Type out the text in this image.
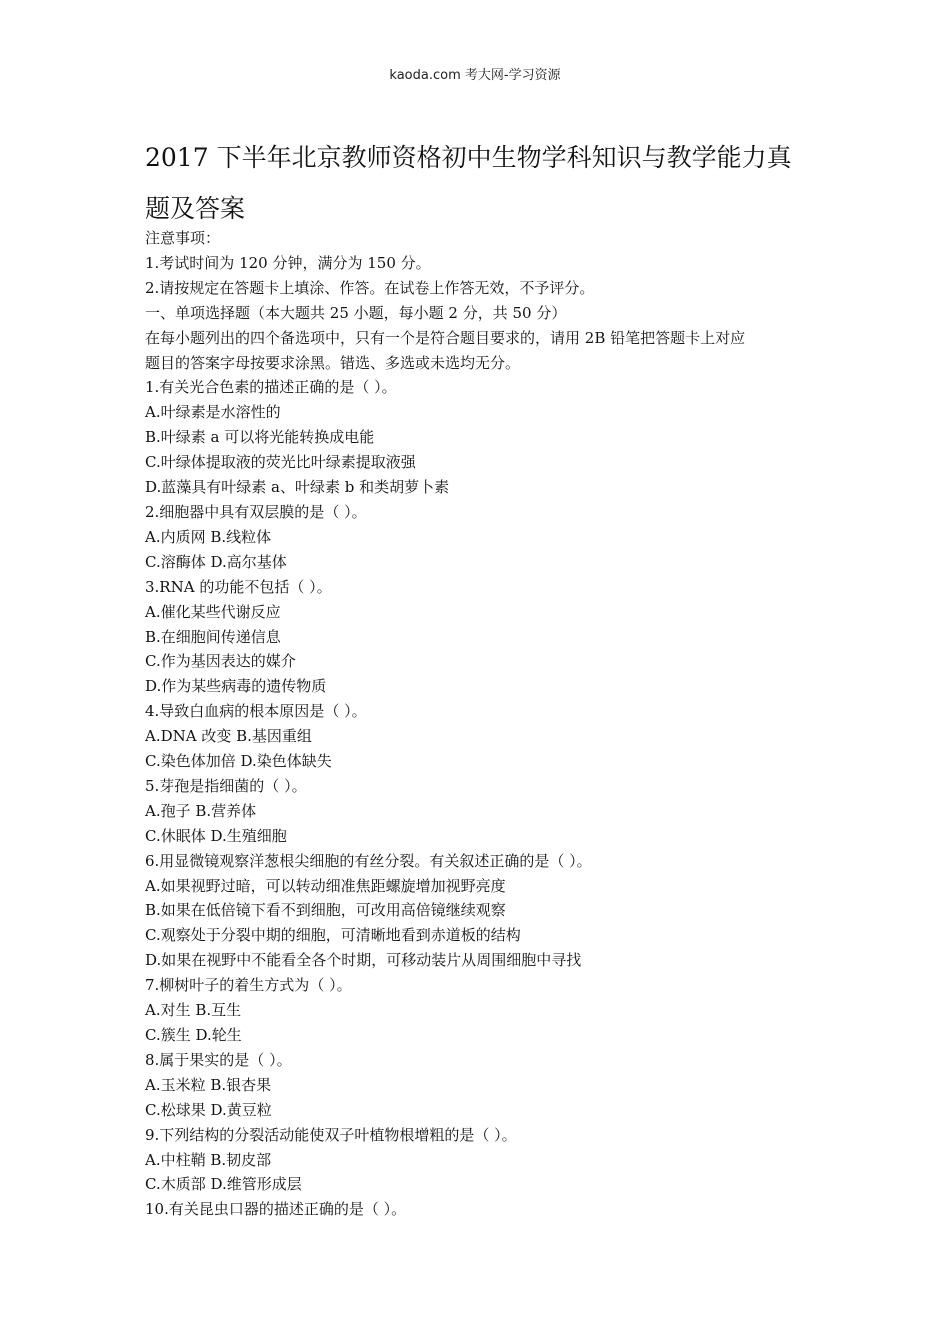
kaoda.com 考大网-学习资源
2017 下半年北京教师资格初中生物学科知识与教学能力真
题及答案
注意事项：
1.考试时间为 120 分钟，满分为 150 分。
2.请按规定在答题卡上填涂、作答。在试卷上作答无效，不予评分。
一、单项选择题（本大题共 25 小题，每小题 2 分，共 50 分）
在每小题列出的四个备选项中，只有一个是符合题目要求的，请用 2B 铅笔把答题卡上对应
题目的答案字母按要求涂黑。错选、多选或未选均无分。
1.有关光合色素的描述正确的是（ ）。
A.叶绿素是水溶性的
B.叶绿素 a 可以将光能转换成电能
C.叶绿体提取液的荧光比叶绿素提取液强
D.蓝藻具有叶绿素 a、叶绿素 b 和类胡萝卜素
2.细胞器中具有双层膜的是（ ）。
A.内质网 B.线粒体
C.溶酶体 D.高尔基体
3.RNA 的功能不包括（ ）。
A.催化某些代谢反应
B.在细胞间传递信息
C.作为基因表达的媒介
D.作为某些病毒的遗传物质
4.导致白血病的根本原因是（ ）。
A.DNA 改变 B.基因重组
C.染色体加倍 D.染色体缺失
5.芽孢是指细菌的（ ）。
A.孢子 B.营养体
C.休眠体 D.生殖细胞
6.用显微镜观察洋葱根尖细胞的有丝分裂。有关叙述正确的是（ ）。
A.如果视野过暗，可以转动细准焦距螺旋增加视野亮度
B.如果在低倍镜下看不到细胞，可改用高倍镜继续观察
C.观察处于分裂中期的细胞，可清晰地看到赤道板的结构
D.如果在视野中不能看全各个时期，可移动装片从周围细胞中寻找
7.柳树叶子的着生方式为（ ）。
A.对生 B.互生
C.簇生 D.轮生
8.属于果实的是（ ）。
A.玉米粒 B.银杏果
C.松球果 D.黄豆粒
9.下列结构的分裂活动能使双子叶植物根增粗的是（ ）。
A.中柱鞘 B.韧皮部
C.木质部 D.维管形成层
10.有关昆虫口器的描述正确的是（ ）。
